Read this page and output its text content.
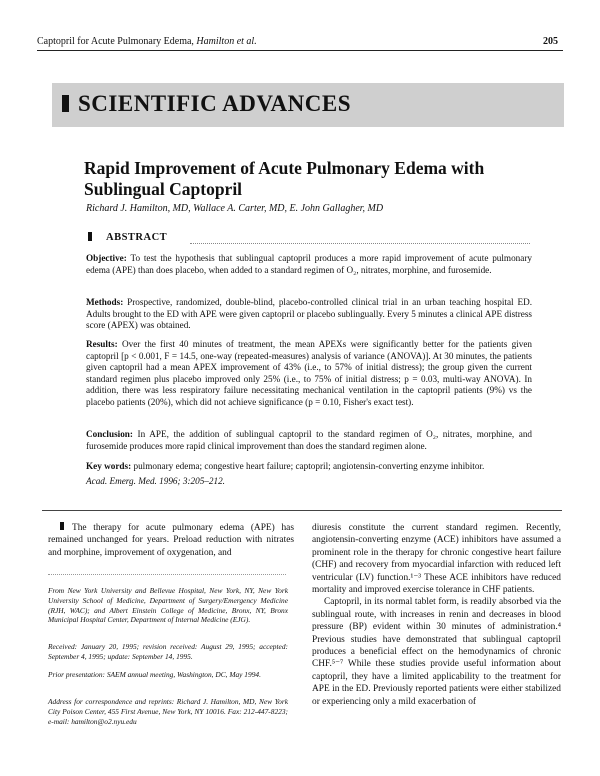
Captopril for Acute Pulmonary Edema, Hamilton et al.	205
SCIENTIFIC ADVANCES
Rapid Improvement of Acute Pulmonary Edema with Sublingual Captopril
Richard J. Hamilton, MD, Wallace A. Carter, MD, E. John Gallagher, MD
ABSTRACT
Objective: To test the hypothesis that sublingual captopril produces a more rapid improvement of acute pulmonary edema (APE) than does placebo, when added to a standard regimen of O₂, nitrates, morphine, and furosemide.
Methods: Prospective, randomized, double-blind, placebo-controlled clinical trial in an urban teaching hospital ED. Adults brought to the ED with APE were given captopril or placebo sublingually. Every 5 minutes a clinical APE distress score (APEX) was obtained.
Results: Over the first 40 minutes of treatment, the mean APEXs were significantly better for the patients given captopril [p < 0.001, F = 14.5, one-way (repeated-measures) analysis of variance (ANOVA)]. At 30 minutes, the patients given captopril had a mean APEX improvement of 43% (i.e., to 57% of initial distress); the group given the current standard regimen plus placebo improved only 25% (i.e., to 75% of initial distress; p = 0.03, multi-way ANOVA). In addition, there was less respiratory failure necessitating mechanical ventilation in the captopril patients (9%) vs the placebo patients (20%), which did not achieve significance (p = 0.10, Fisher's exact test).
Conclusion: In APE, the addition of sublingual captopril to the standard regimen of O₂, nitrates, morphine, and furosemide produces more rapid clinical improvement than does the standard regimen alone.
Key words: pulmonary edema; congestive heart failure; captopril; angiotensin-converting enzyme inhibitor.
Acad. Emerg. Med. 1996; 3:205–212.

The therapy for acute pulmonary edema (APE) has remained unchanged for years. Preload reduction with nitrates and morphine, improvement of oxygenation, and

From New York University and Bellevue Hospital, New York, NY, New York University School of Medicine, Department of Surgery/Emergency Medicine (RJH, WAC); and Albert Einstein College of Medicine, Bronx, NY, Bronx Municipal Hospital Center, Department of Internal Medicine (EJG).
Received: January 20, 1995; revision received: August 29, 1995; accepted: September 4, 1995; update: September 14, 1995.
Prior presentation: SAEM annual meeting, Washington, DC, May 1994.
Address for correspondence and reprints: Richard J. Hamilton, MD, New York City Poison Center, 455 First Avenue, New York, NY 10016. Fax: 212-447-8223; e-mail: hamilton@o2.nyu.edu

diuresis constitute the current standard regimen. Recently, angiotensin-converting enzyme (ACE) inhibitors have assumed a prominent role in the therapy for chronic congestive heart failure (CHF) and recovery from myocardial infarction with reduced left ventricular (LV) function.¹⁻³ These ACE inhibitors have reduced mortality and improved exercise tolerance in CHF patients.

Captopril, in its normal tablet form, is readily absorbed via the sublingual route, with increases in renin and decreases in blood pressure (BP) evident within 30 minutes of administration.⁴ Previous studies have demonstrated that sublingual captopril produces a beneficial effect on the hemodynamics of chronic CHF.⁵⁻⁷ While these studies provide useful information about captopril, they have a limited applicability to the treatment for APE in the ED. Previously reported patients were either stabilized or experiencing only a mild exacerbation of
